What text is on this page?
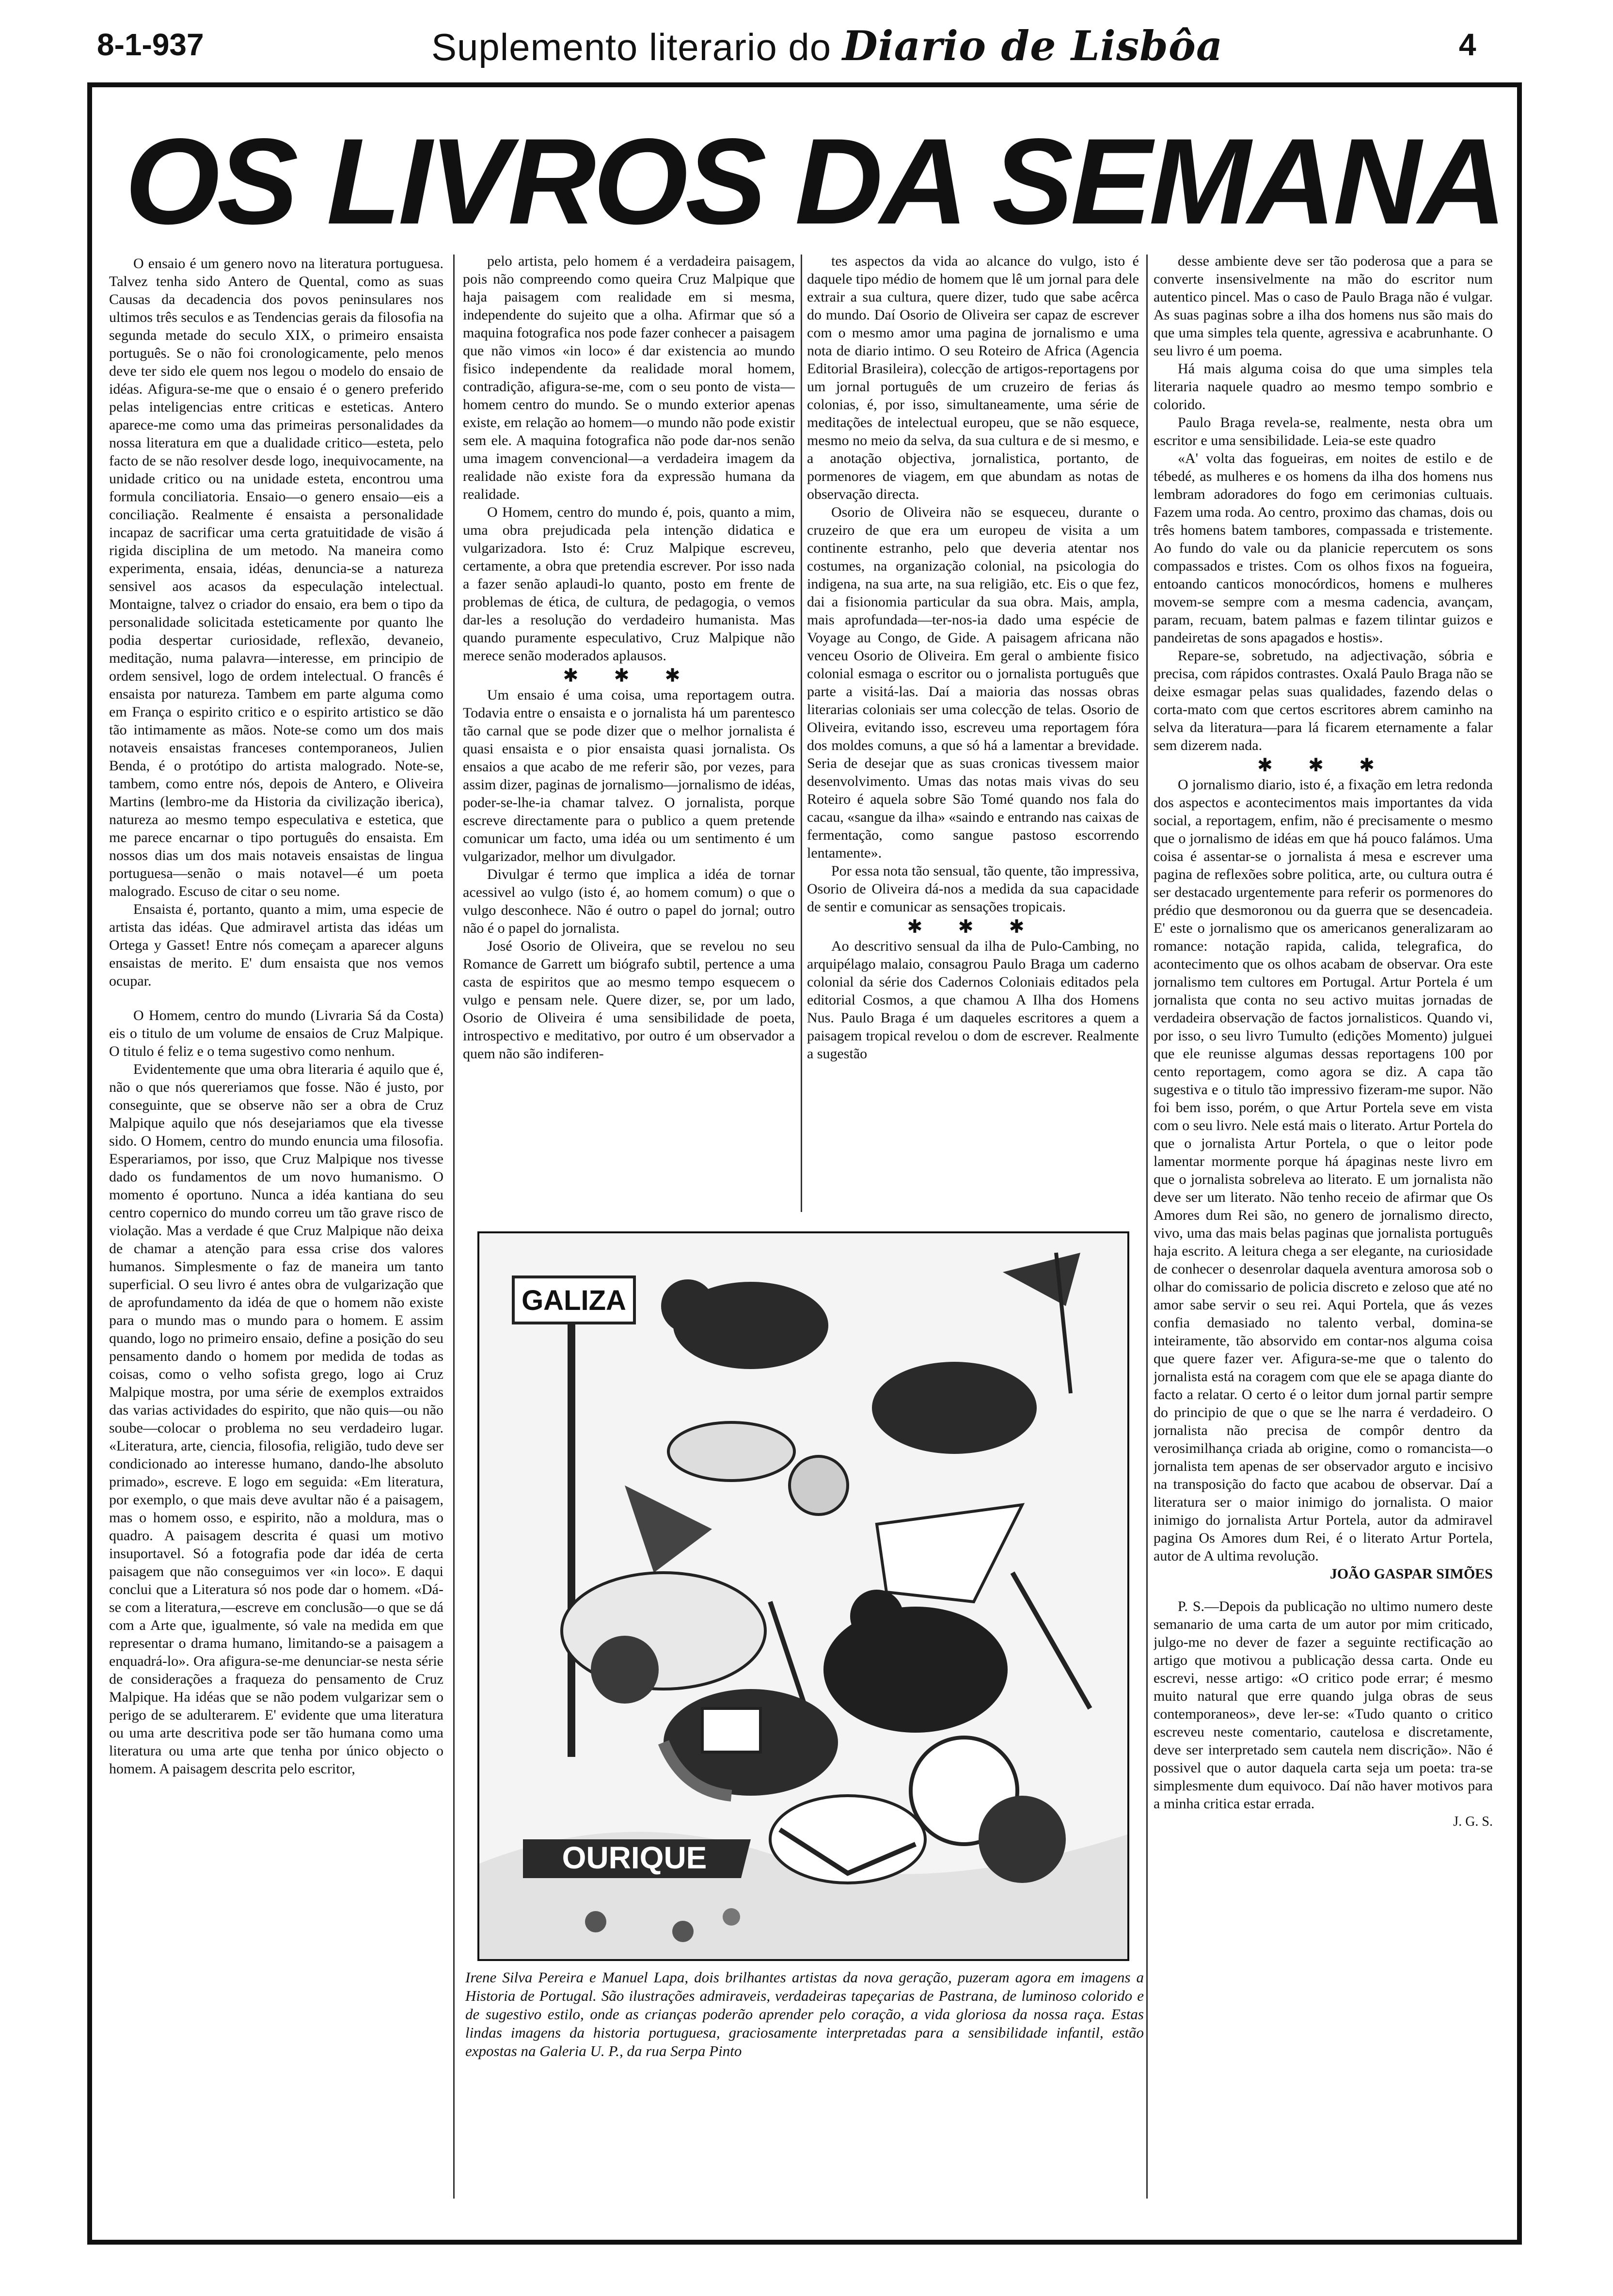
8-1-937	Suplemento literario do Diario de Lisbôa	4
OS LIVROS DA SEMANA

O ensaio é um genero novo na literatura portuguesa. Talvez tenha sido Antero de Quental, como as suas Causas da decadencia dos povos peninsulares nos ultimos três seculos e as Tendencias gerais da filosofia na segunda metade do seculo XIX, o primeiro ensaista português. Se o não foi cronologicamente, pelo menos deve ter sido ele quem nos legou o modelo do ensaio de idéas. Afigura-se-me que o ensaio é o genero preferido pelas inteligencias entre criticas e esteticas. Antero aparece-me como uma das primeiras personalidades da nossa literatura em que a dualidade critico—esteta, pelo facto de se não resolver desde logo, inequivocamente, na unidade critico ou na unidade esteta, encontrou uma formula conciliatoria. Ensaio—o genero ensaio—eis a conciliação. Realmente é ensaista a personalidade incapaz de sacrificar uma certa gratuitidade de visão á rigida disciplina de um metodo. Na maneira como experimenta, ensaia, idéas, denuncia-se a natureza sensivel aos acasos da especulação intelectual. Montaigne, talvez o criador do ensaio, era bem o tipo da personalidade solicitada esteticamente por quanto lhe podia despertar curiosidade, reflexão, devaneio, meditação, numa palavra—interesse, em principio de ordem sensivel, logo de ordem intelectual. O francês é ensaista por natureza. Tambem em parte alguma como em França o espirito critico e o espirito artistico se dão tão intimamente as mãos. Note-se como um dos mais notaveis ensaistas franceses contemporaneos, Julien Benda, é o protótipo do artista malogrado. Note-se, tambem, como entre nós, depois de Antero, e Oliveira Martins (lembro-me da Historia da civilização iberica), naturezа ao mesmo tempo especulativa e estetica, que me parece encarnar o tipo português do ensaista. Em nossos dias um dos mais notaveis ensaistas de lingua portuguesa—senão o mais notavel—é um poeta malogrado. Escuso de citar o seu nome.

Ensaista é, portanto, quanto a mim, uma especie de artista das idéas. Que admiravel artista das idéas um Ortega y Gasset! Entre nós começam a aparecer alguns ensaistas de merito. E' dum ensaista que nos vemos ocupar.

O Homem, centro do mundo (Livraria Sá da Costa) eis o titulo de um volume de ensaios de Cruz Malpique. O titulo é feliz e o tema sugestivo como nenhum.

Evidentemente que uma obra literaria é aquilo que é, não o que nós quereriamos que fosse. Não é justo, por conseguinte, que se observe não ser a obra de Cruz Malpique aquilo que nós desejariamos que ela tivesse sido. O Homem, centro do mundo enuncia uma filosofia. Esperariamos, por isso, que Cruz Malpique nos tivesse dado os fundamentos de um novo humanismo. O momento é oportuno. Nunca a idéa kantiana do seu centro copernico do mundo correu um tão grave risco de violação. Mas a verdade é que Cruz Malpique não deixa de chamar a atenção para essa crise dos valores humanos. Simplesmente o faz de maneira um tanto superficial. O seu livro é antes obra de vulgarização que de aprofundamento da idéa de que o homem não existe para o mundo mas o mundo para o homem. E assim quando, logo no primeiro ensaio, define a posição do seu pensamento dando o homem por medida de todas as coisas, como o velho sofista grego, logo ai Cruz Malpique mostra, por uma série de exemplos extraidos das varias actividades do espirito, que não quis—ou não soube—colocar o problema no seu verdadeiro lugar. «Literatura, arte, ciencia, filosofia, religião, tudo deve ser condicionado ao interesse humano, dando-lhe absoluto primado», escreve. E logo em seguida: «Em literatura, por exemplo, o que mais deve avultar não é a paisagem, mas o homem osso, e espirito, não a moldura, mas o quadro. A paisagem descrita é quasi um motivo insuportavel. Só a fotografia pode dar idéa de certa paisagem que não conseguimos ver «in loco». E daqui conclui que a Literatura só nos pode dar o homem. «Dá-se com a literatura,—escreve em conclusão—o que se dá com a Arte que, igualmente, só vale na medida em que representar o drama humano, limitando-se a paisagem a enquadrá-lo». Ora afigura-se-me denunciar-se nesta série de considerações a fraqueza do pensamento de Cruz Malpique. Ha idéas que se não podem vulgarizar sem o perigo de se adulterarem. E' evidente que uma literatura ou uma arte descritiva pode ser tão humana como uma literatura ou uma arte que tenha por único objecto o homem. A paisagem descrita pelo escritor,

pelo artista, pelo homem é a verdadeira paisagem, pois não compreendo como queira Cruz Malpique que haja paisagem com realidade em si mesma, independente do sujeito que a olha. Afirmar que só a maquina fotografica nos pode fazer conhecer a paisagem que não vimos «in loco» é dar existencia ao mundo fisico independente da realidade moral homem, contradição, afigura-se-me, com o seu ponto de vista—homem centro do mundo. Se o mundo exterior apenas existe, em relação ao homem—o mundo não pode existir sem ele. A maquina fotografica não pode dar-nos senão uma imagem convencional—a verdadeira imagem da realidade não existe fora da expressão humana da realidade.

O Homem, centro do mundo é, pois, quanto a mim, uma obra prejudicada pela intenção didatica e vulgarizadora. Isto é: Cruz Malpique escreveu, certamente, a obra que pretendia escrever. Por isso nada a fazer senão aplaudi-lo quanto, posto em frente de problemas de ética, de cultura, de pedagogia, o vemos dar-les a resolução do verdadeiro humanista. Mas quando puramente especulativo, Cruz Malpique não merece senão moderados aplausos.

✱ ✱ ✱

Um ensaio é uma coisa, uma reportagem outra. Todavia entre o ensaista e o jornalista há um parentesco tão carnal que se pode dizer que o melhor jornalista é quasi ensaista e o pior ensaista quasi jornalista. Os ensaios a que acabo de me referir são, por vezes, para assim dizer, paginas de jornalismo—jornalismo de idéas, poder-se-lhe-ia chamar talvez. O jornalista, porque escreve directamente para o publico a quem pretende comunicar um facto, uma idéa ou um sentimento é um vulgarizador, melhor um divulgador.

Divulgar é termo que implica a idéa de tornar acessivel ao vulgo (isto é, ao homem comum) o que o vulgo desconhece. Não é outro o papel do jornal; outro não é o papel do jornalista.

José Osorio de Oliveira, que se revelou no seu Romance de Garrett um biógrafo subtil, pertence a uma casta de espiritos que ao mesmo tempo esquecem o vulgo e pensam nele. Quere dizer, se, por um lado, Osorio de Oliveira é uma sensibilidade de poeta, introspectivo e meditativo, por outro é um observador a quem não são indiferen-

tes aspectos da vida ao alcance do vulgo, isto é daquele tipo médio de homem que lê um jornal para dele extrair a sua cultura, quere dizer, tudo que sabe acêrca do mundo. Daí Osorio de Oliveira ser capaz de escrever com o mesmo amor uma pagina de jornalismo e uma nota de diario intimo. O seu Roteiro de Africa (Agencia Editorial Brasileira), colecção de artigos-reportagens por um jornal português de um cruzeiro de ferias ás colonias, é, por isso, simultaneamente, uma série de meditações de intelectual europeu, que se não esquece, mesmo no meio da selva, da sua cultura e de si mesmo, e a anotação objectiva, jornalistica, portanto, de pormenores de viagem, em que abundam as notas de observação directa.

Osorio de Oliveira não se esqueceu, durante o cruzeiro de que era um europeu de visita a um continente estranho, pelo que deveria atentar nos costumes, na organização colonial, na psicologia do indigena, na sua arte, na sua religião, etc. Eis o que fez, dai a fisionomia particular da sua obra. Mais, ampla, mais aprofundada—ter-nos-ia dado uma espécie de Voyage au Congo, de Gide. A paisagem africana não venceu Osorio de Oliveira. Em geral o ambiente fisico colonial esmaga o escritor ou o jornalista português que parte a visitá-las. Daí a maioria das nossas obras literarias coloniais ser uma colecção de telas. Osorio de Oliveira, evitando isso, escreveu uma reportagem fóra dos moldes comuns, a que só há a lamentar a brevidade. Seria de desejar que as suas cronicas tivessem maior desenvolvimento. Umas das notas mais vivas do seu Roteiro é aquela sobre São Tomé quando nos fala do cacau, «sangue da ilha» «saindo e entrando nas caixas de fermentação, como sangue pastoso escorrendo lentamente».

Por essa nota tão sensual, tão quente, tão impressiva, Osorio de Oliveira dá-nos a medida da sua capacidade de sentir e comunicar as sensações tropicais.

✱ ✱ ✱

Ao descritivo sensual da ilha de Pulo-Cambing, no arquipélago malaio, consagrou Paulo Braga um caderno colonial da série dos Cadernos Coloniais editados pela editorial Cosmos, a que chamou A Ilha dos Homens Nus. Paulo Braga é um daqueles escritores a quem a paisagem tropical revelou o dom de escrever. Realmente a sugestão

desse ambiente deve ser tão poderosa que a para se converte insensivelmente na mão do escritor num autentico pincel. Mas o caso de Paulo Braga não é vulgar. As suas paginas sobre a ilha dos homens nus são mais do que uma simples tela quente, agressiva e acabrunhante. O seu livro é um poema.

Há mais alguma coisa do que uma simples tela literaria naquele quadro ao mesmo tempo sombrio e colorido.

Paulo Braga revela-se, realmente, nesta obra um escritor e uma sensibilidade. Leia-se este quadro

«A' volta das fogueiras, em noites de estilo e de tébedé, as mulheres e os homens da ilha dos homens nus lembram adoradores do fogo em cerimonias cultuais. Fazem uma roda. Ao centro, proximo das chamas, dois ou três homens batem tambores, compassada e tristemente. Ao fundo do vale ou da planicie repercutem os sons compassados e tristes. Com os olhos fixos na fogueira, entoando canticos monocórdicos, homens e mulheres movem-se sempre com a mesma cadencia, avançam, param, recuam, batem palmas e fazem tilintar guizos e pandeiretas de sons apagados e hostis».

Repare-se, sobretudo, na adjectivação, sóbria e precisa, com rápidos contrastes. Oxalá Paulo Braga não se deixe esmagar pelas suas qualidades, fazendo delas o corta-mato com que certos escritores abrem caminho na selva da literatura—para lá ficarem eternamente a falar sem dizerem nada.

✱ ✱ ✱

O jornalismo diario, isto é, a fixação em letra redonda dos aspectos e acontecimentos mais importantes da vida social, a reportagem, enfim, não é precisamente o mesmo que o jornalismo de idéas em que há pouco falámos. Uma coisa é assentar-se o jornalista á mesa e escrever uma pagina de reflexões sobre politica, arte, ou cultura outra é ser destacado urgentemente para referir os pormenores do prédio que desmoronou ou da guerra que se desencadeia. E' este o jornalismo que os americanos generalizaram ao romance: notação rapida, calida, telegrafica, do acontecimento que os olhos acabam de observar. Ora este jornalismo tem cultores em Portugal. Artur Portela é um jornalista que conta no seu activo muitas jornadas de verdadeira observação de factos jornalisticos. Quando vi, por isso, o seu livro Tumulto (edições Momento) julguei que ele reunisse algumas dessas reportagens 100 por cento reportagem, como agora se diz. A capa tão sugestiva e o titulo tão impressivo fizeram-me supor. Não foi bem isso, porém, o que Artur Portela seve em vista com o seu livro. Nele está mais o literato. Artur Portela do que o jornalista Artur Portela, o que o leitor pode lamentar mormente porque há ápaginas neste livro em que o jornalista sobreleva ao literato. E um jornalista não deve ser um literato. Não tenho receio de afirmar que Os Amores dum Rei são, no genero de jornalismo directo, vivo, uma das mais belas paginas que jornalista português haja escrito. A leitura chega a ser elegante, na curiosidade de conhecer o desenrolar daquela aventura amorosa sob o olhar do comissario de policia discreto e zeloso que até no amor sabe servir o seu rei. Aqui Portela, que ás vezes confia demasiado no talento verbal, domina-se inteiramente, tão absorvido em contar-nos alguma coisa que quere fazer ver. Afigura-se-me que o talento do jornalista está na coragem com que ele se apaga diante do facto a relatar. O certo é o leitor dum jornal partir sempre do principio de que o que se lhe narra é verdadeiro. O jornalista não precisa de compôr dentro da verosimilhança criada ab origine, como o romancista—o jornalista tem apenas de ser observador arguto e incisivo na transposição do facto que acabou de observar. Daí a literatura ser o maior inimigo do jornalista. O maior inimigo do jornalista Artur Portela, autor da admiravel pagina Os Amores dum Rei, é o literato Artur Portela, autor de A ultima revolução.

JOÃO GASPAR SIMÕES

P. S.—Depois da publicação no ultimo numero deste semanario de uma carta de um autor por mim criticado, julgo-me no dever de fazer a seguinte rectificação ao artigo que motivou a publicação dessa carta. Onde eu escrevi, nesse artigo: «O critico pode errar; é mesmo muito natural que erre quando julga obras de seus contemporaneos», deve ler-se: «Tudo quanto o critico escreveu neste comentario, cautelosa e discretamente, deve ser interpretado sem cautela nem discrição». Não é possivel que o autor daquela carta seja um poeta: tra-se simplesmente dum equivoco. Daí não haver motivos para a minha critica estar errada.

J. G. S.

GALIZA
OURIQUE
Irene Silva Pereira e Manuel Lapa, dois brilhantes artistas da nova geração, puzeram agora em imagens a Historia de Portugal. São ilustrações admiraveis, verdadeiras tapeçarias de Pastrana, de luminoso colorido e de sugestivo estilo, onde as crianças poderão aprender pelo coração, a vida gloriosa da nossa raça. Estas lindas imagens da historia portuguesa, graciosamente interpretadas para a sensibilidade infantil, estão expostas na Galeria U. P., da rua Serpa Pinto
